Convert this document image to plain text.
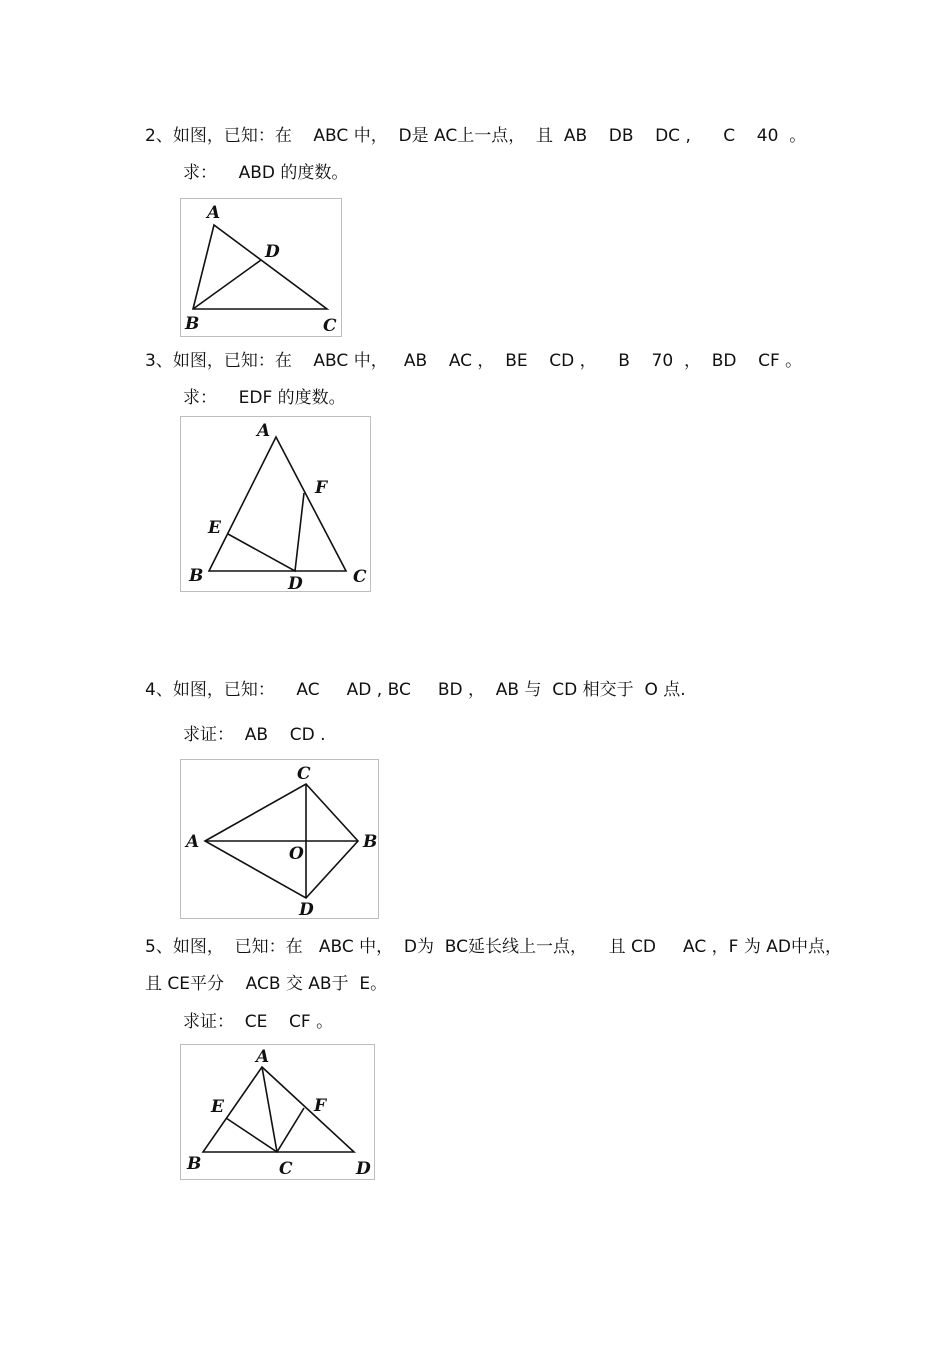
2、如图，已知：在    ABC 中，  D是 AC上一点，  且  AB    DB    DC ,      C    40  。
求：    ABD 的度数。
A
D
B	C
3、如图，已知：在    ABC 中，   AB    AC ，  BE    CD ，    B    70  ，  BD    CF 。
求：    EDF 的度数。
A
F
E
B	D	C
4、如图，已知：    AC     AD , BC     BD ，  AB 与  CD 相交于  O 点.
求证：  AB    CD .
C
A	B
O
D
5、如图，  已知：在   ABC 中，  D为  BC延长线上一点，    且 CD     AC ，F 为 AD中点，
且 CE平分    ACB 交 AB于  E。
求证：  CE    CF 。
A
E	F
B	C	D
